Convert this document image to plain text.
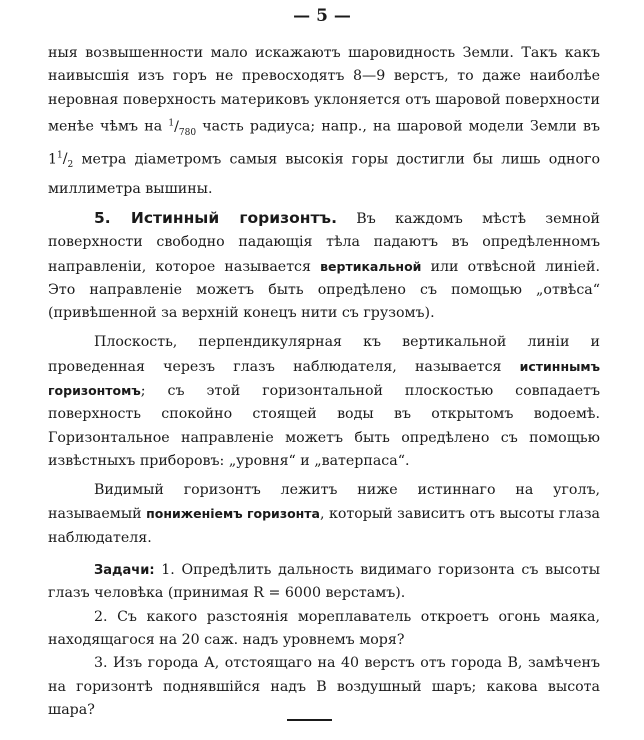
— 5 —

ныя возвышенности мало искажаютъ шаровидность Земли. Такъ какъ наивысшія изъ горъ не превосходятъ 8—9 верстъ, то даже наиболѣе неровная поверхность материковъ уклоняется отъ шаровой поверхности менѣе чѣмъ на $^1/_{780}$ часть радиуса; напр., на шаровой модели Земли въ $1^1/_2$ метра діаметромъ самыя высокія горы достигли бы лишь одного миллиметра вышины.

5. Истинный горизонтъ. Въ каждомъ мѣстѣ земной поверхности свободно падающія тѣла падаютъ въ опредѣленномъ направленіи, которое называется вертикальной или отвѣсной линіей. Это направленіе можетъ быть опредѣлено съ помощью „отвѣса“ (привѣшенной за верхній конецъ нити съ грузомъ).

Плоскость, перпендикулярная къ вертикальной линіи и проведенная черезъ глазъ наблюдателя, называется истиннымъ горизонтомъ; съ этой горизонтальной плоскостью совпадаетъ поверхность спокойно стоящей воды въ открытомъ водоемѣ. Горизонтальное направленіе можетъ быть опредѣлено съ помощью извѣстныхъ приборовъ: „уровня“ и „ватерпаса“.

Видимый горизонтъ лежитъ ниже истиннаго на уголъ, называемый пониженіемъ горизонта, который зависитъ отъ высоты глаза наблюдателя.

Задачи: 1. Опредѣлить дальность видимаго горизонта съ высоты глазъ человѣка (принимая R = 6000 верстамъ).

2. Съ какого разстоянія мореплаватель откроетъ огонь маяка, находящагося на 20 саж. надъ уровнемъ моря?

3. Изъ города А, отстоящаго на 40 верстъ отъ города В, замѣченъ на горизонтѣ поднявшійся надъ В воздушный шаръ; какова высота шара?
